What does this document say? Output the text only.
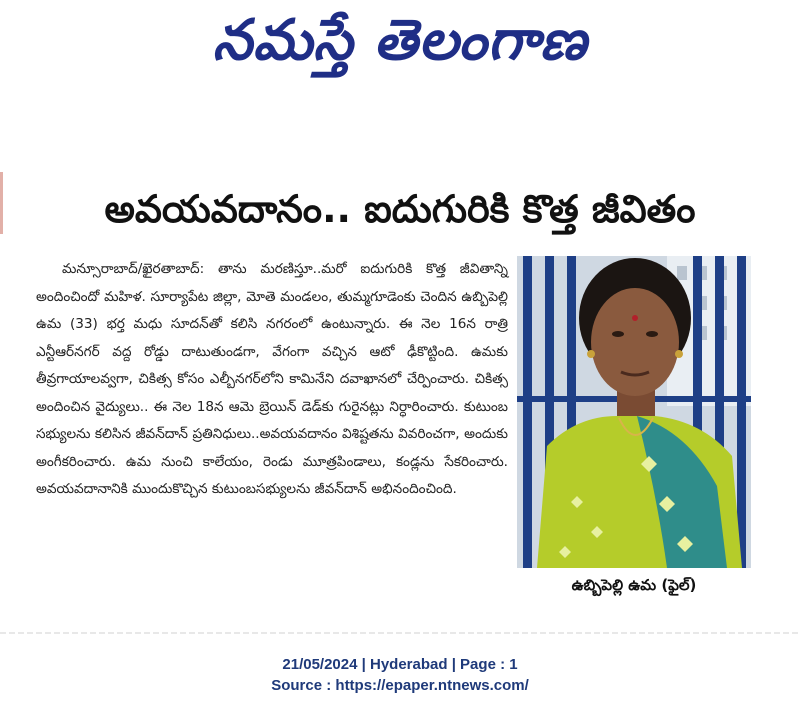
నమస్తే తెలంగాణ
అవయవదానం.. ఐదుగురికి కొత్త జీవితం
మన్సూరాబాద్/ఖైరతాబాద్: తాను మరణిస్తూ..మరో ఐదుగురికి కొత్త జీవితాన్ని అందించిందో మహిళ. సూర్యాపేట జిల్లా, మోతె మండలం, తుమ్మగూడెంకు చెందిన ఉబ్బిపెల్లి ఉమ (33) భర్త మధు సూదన్‌తో కలిసి నగరంలో ఉంటున్నారు. ఈ నెల 16న రాత్రి ఎన్టీఆర్‌నగర్ వద్ద రోడ్డు దాటుతుండగా, వేగంగా వచ్చిన ఆటో ఢీకొట్టింది. ఉమకు తీవ్రగాయాలవ్వగా, చికిత్స కోసం ఎల్బీనగర్‌లోని కామినేని దవాఖానలో చేర్పించారు. చికిత్స అందించిన వైద్యులు.. ఈ నెల 18న ఆమె బ్రెయిన్ డెడ్‌కు గురైనట్లు నిర్ధారించారు. కుటుంబ సభ్యులను కలిసిన జీవన్‌దాన్ ప్రతినిధులు..అవయవదానం విశిష్టతను వివరించగా, అందుకు అంగీకరించారు. ఉమ నుంచి కాలేయం, రెండు మూత్రపిండాలు, కండ్లను సేకరించారు. అవయవదానానికి ముందుకొచ్చిన కుటుంబసభ్యులను జీవన్‌దాన్ అభినందించింది.
ఉబ్బిపెల్లి ఉమ (ఫైల్)
21/05/2024 | Hyderabad | Page : 1
Source : https://epaper.ntnews.com/
